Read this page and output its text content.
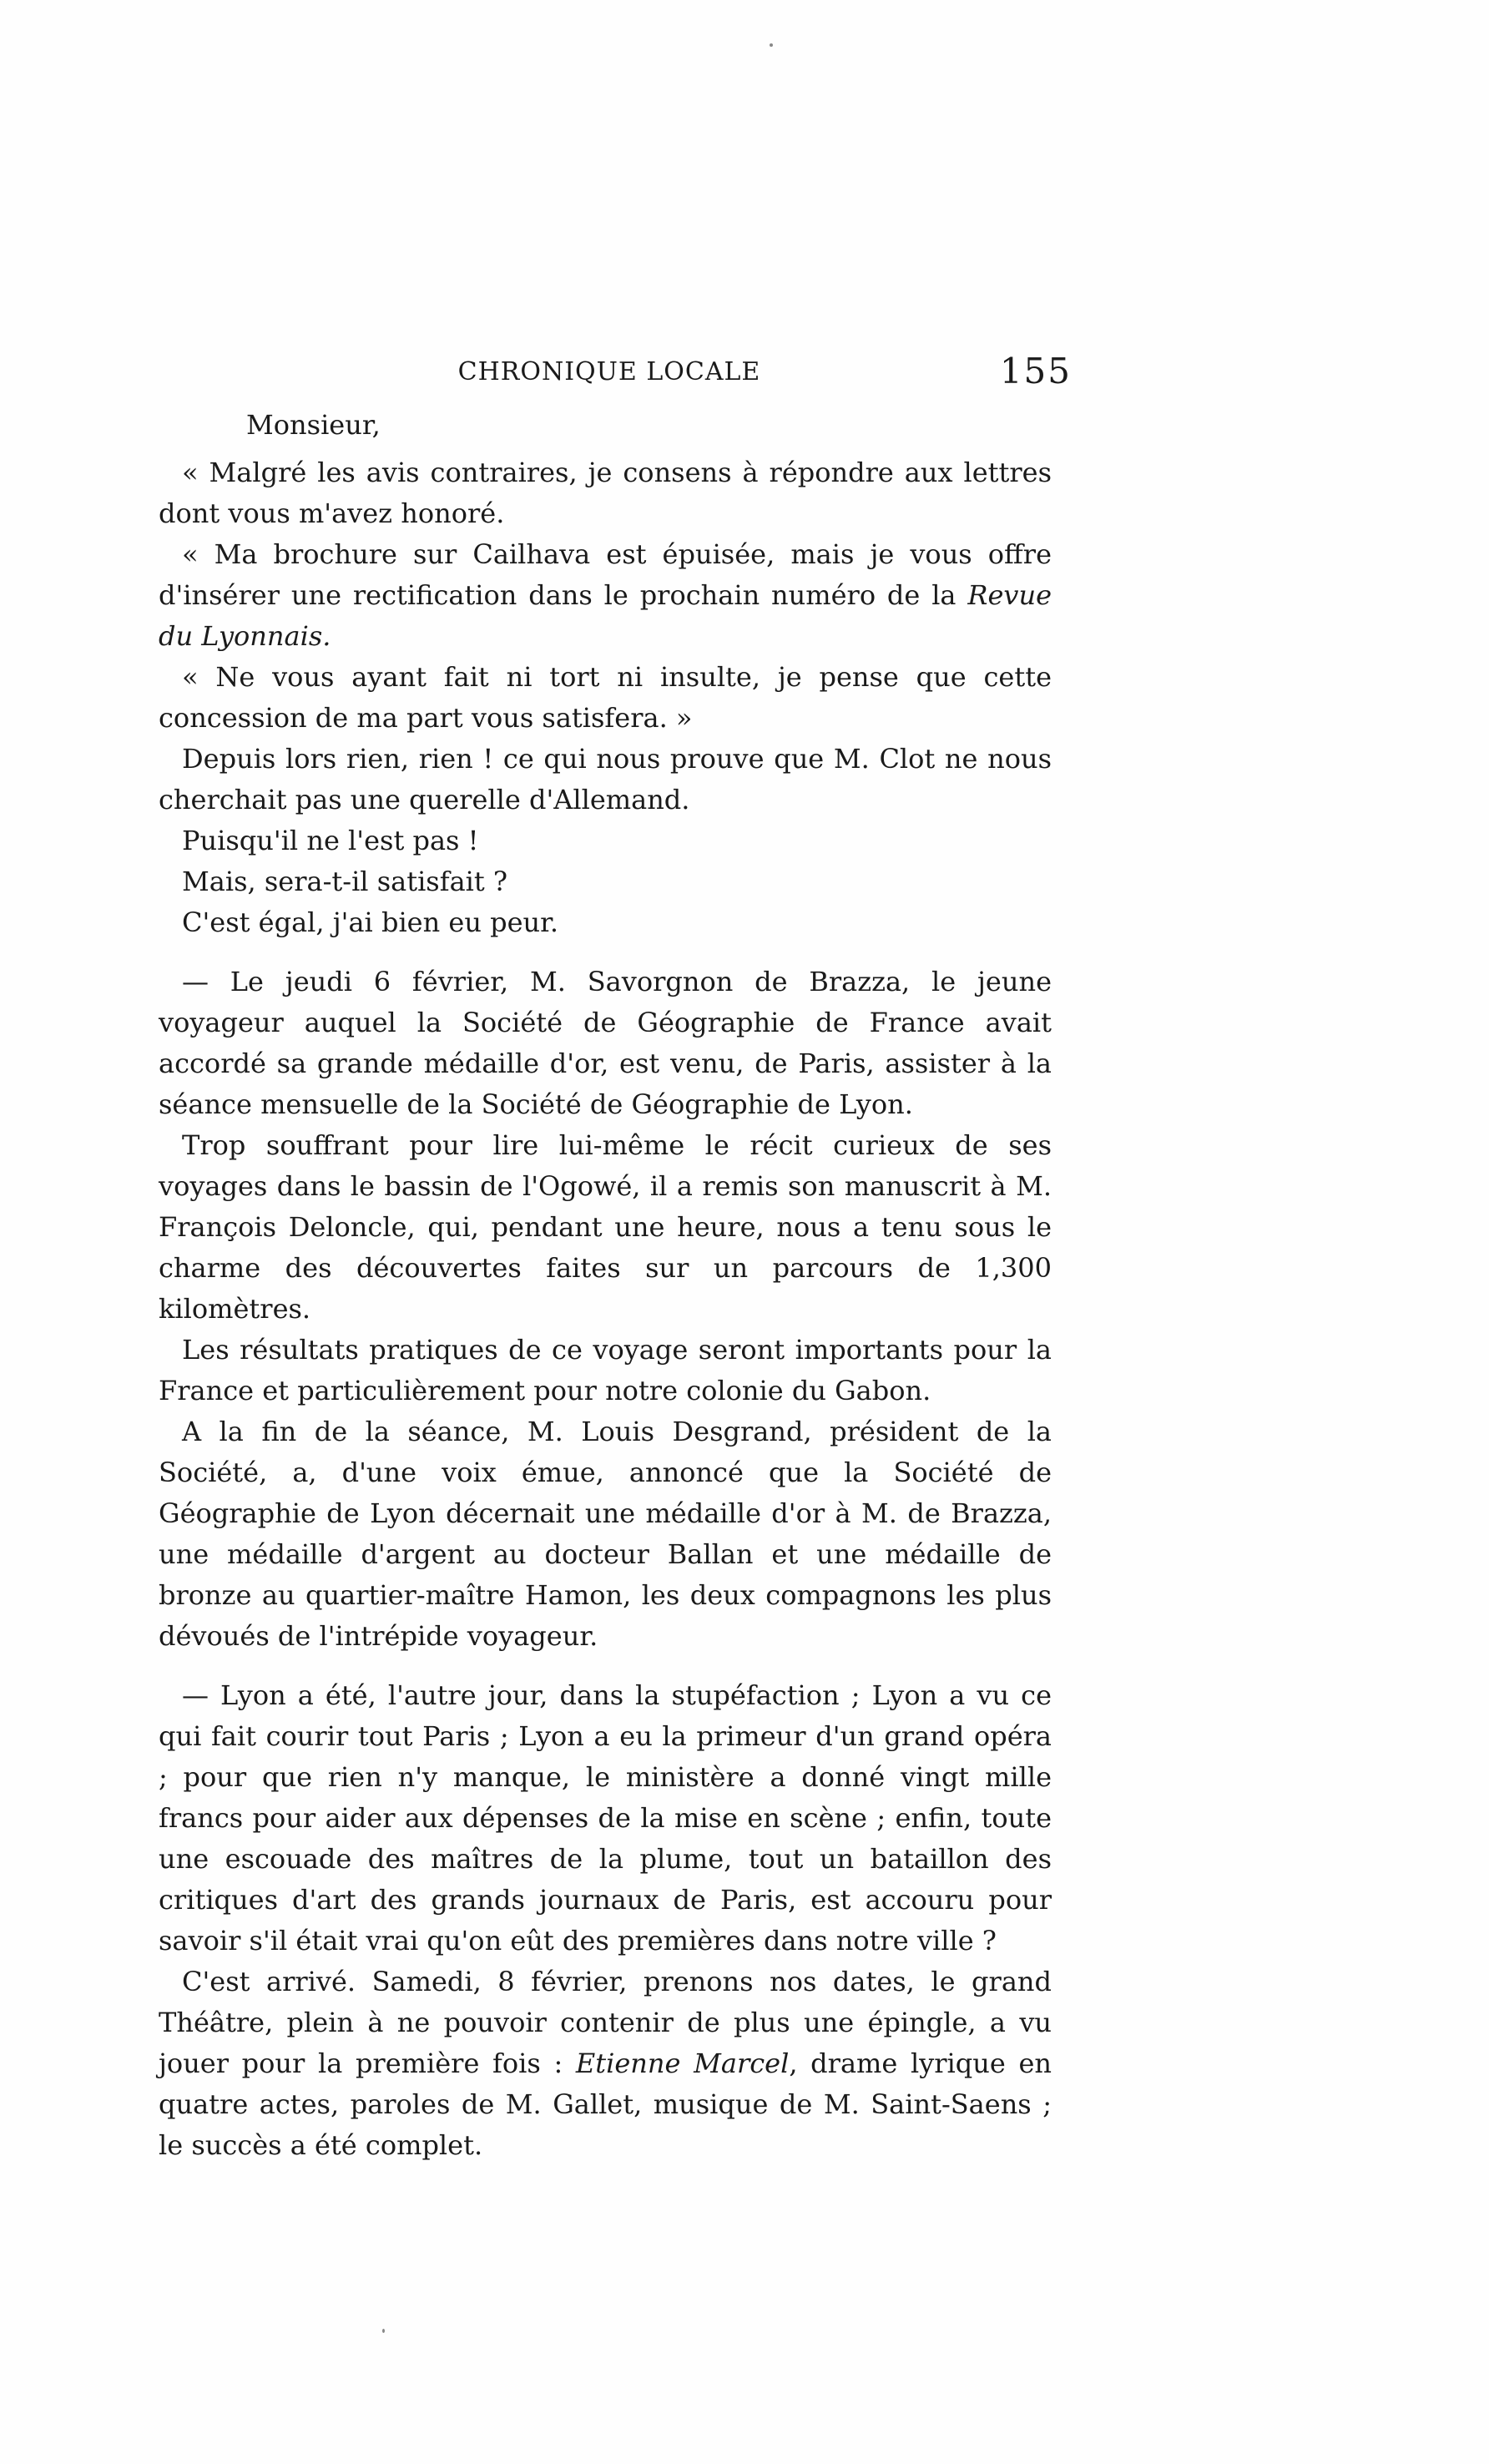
CHRONIQUE LOCALE	155

Monsieur,

« Malgré les avis contraires, je consens à répondre aux lettres dont vous m'avez honoré.

« Ma brochure sur Cailhava est épuisée, mais je vous offre d'insérer une rectification dans le prochain numéro de la Revue du Lyonnais.

« Ne vous ayant fait ni tort ni insulte, je pense que cette concession de ma part vous satisfera. »

Depuis lors rien, rien ! ce qui nous prouve que M. Clot ne nous cherchait pas une querelle d'Allemand.

Puisqu'il ne l'est pas !

Mais, sera-t-il satisfait ?

C'est égal, j'ai bien eu peur.

— Le jeudi 6 février, M. Savorgnon de Brazza, le jeune voyageur auquel la Société de Géographie de France avait accordé sa grande médaille d'or, est venu, de Paris, assister à la séance mensuelle de la Société de Géographie de Lyon.

Trop souffrant pour lire lui-même le récit curieux de ses voyages dans le bassin de l'Ogowé, il a remis son manuscrit à M. François Deloncle, qui, pendant une heure, nous a tenu sous le charme des découvertes faites sur un parcours de 1,300 kilomètres.

Les résultats pratiques de ce voyage seront importants pour la France et particulièrement pour notre colonie du Gabon.

A la fin de la séance, M. Louis Desgrand, président de la Société, a, d'une voix émue, annoncé que la Société de Géographie de Lyon décernait une médaille d'or à M. de Brazza, une médaille d'argent au docteur Ballan et une médaille de bronze au quartier-maître Hamon, les deux compagnons les plus dévoués de l'intrépide voyageur.

— Lyon a été, l'autre jour, dans la stupéfaction ; Lyon a vu ce qui fait courir tout Paris ; Lyon a eu la primeur d'un grand opéra ; pour que rien n'y manque, le ministère a donné vingt mille francs pour aider aux dépenses de la mise en scène ; enfin, toute une escouade des maîtres de la plume, tout un bataillon des critiques d'art des grands journaux de Paris, est accouru pour savoir s'il était vrai qu'on eût des premières dans notre ville ?

C'est arrivé. Samedi, 8 février, prenons nos dates, le grand Théâtre, plein à ne pouvoir contenir de plus une épingle, a vu jouer pour la première fois : Etienne Marcel, drame lyrique en quatre actes, paroles de M. Gallet, musique de M. Saint-Saens ; le succès a été complet.
